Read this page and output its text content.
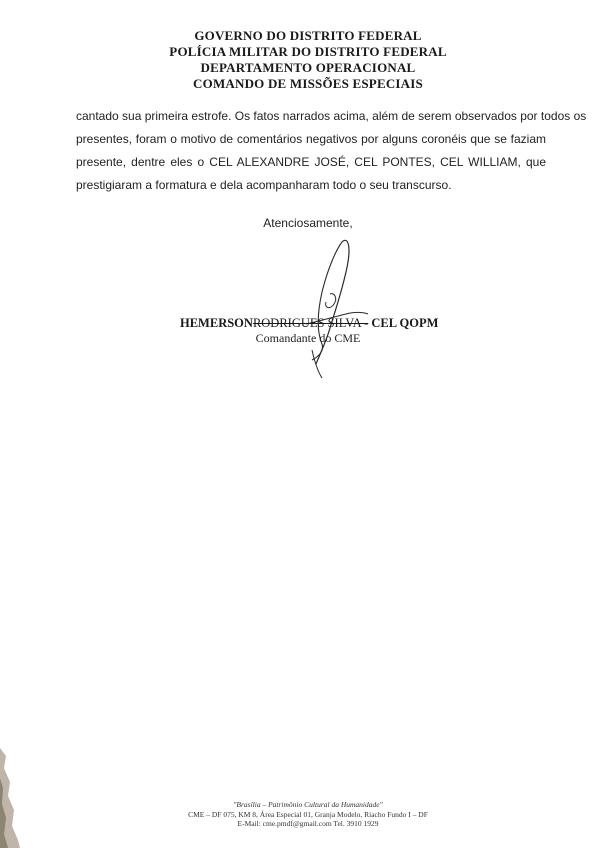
GOVERNO DO DISTRITO FEDERAL
POLÍCIA MILITAR DO DISTRITO FEDERAL
DEPARTAMENTO OPERACIONAL
COMANDO DE MISSÕES ESPECIAIS
cantado sua primeira estrofe. Os fatos narrados acima, além de serem observados por todos os
presentes, foram o motivo de comentários negativos por alguns coronéis que se faziam
presente, dentre eles o CEL ALEXANDRE JOSÉ, CEL PONTES, CEL WILLIAM, que
prestigiaram a formatura e dela acompanharam todo o seu transcurso.
Atenciosamente,
HEMERSONRODRIGUES SILVA - CEL QOPM
Comandante do CME
"Brasília – Patrimônio Cultural da Humanidade"
CME – DF 075, KM 8, Área Especial 01, Granja Modelo, Riacho Fundo I – DF
E-Mail: cme.pmdf@gmail.com Tel. 3910 1929
